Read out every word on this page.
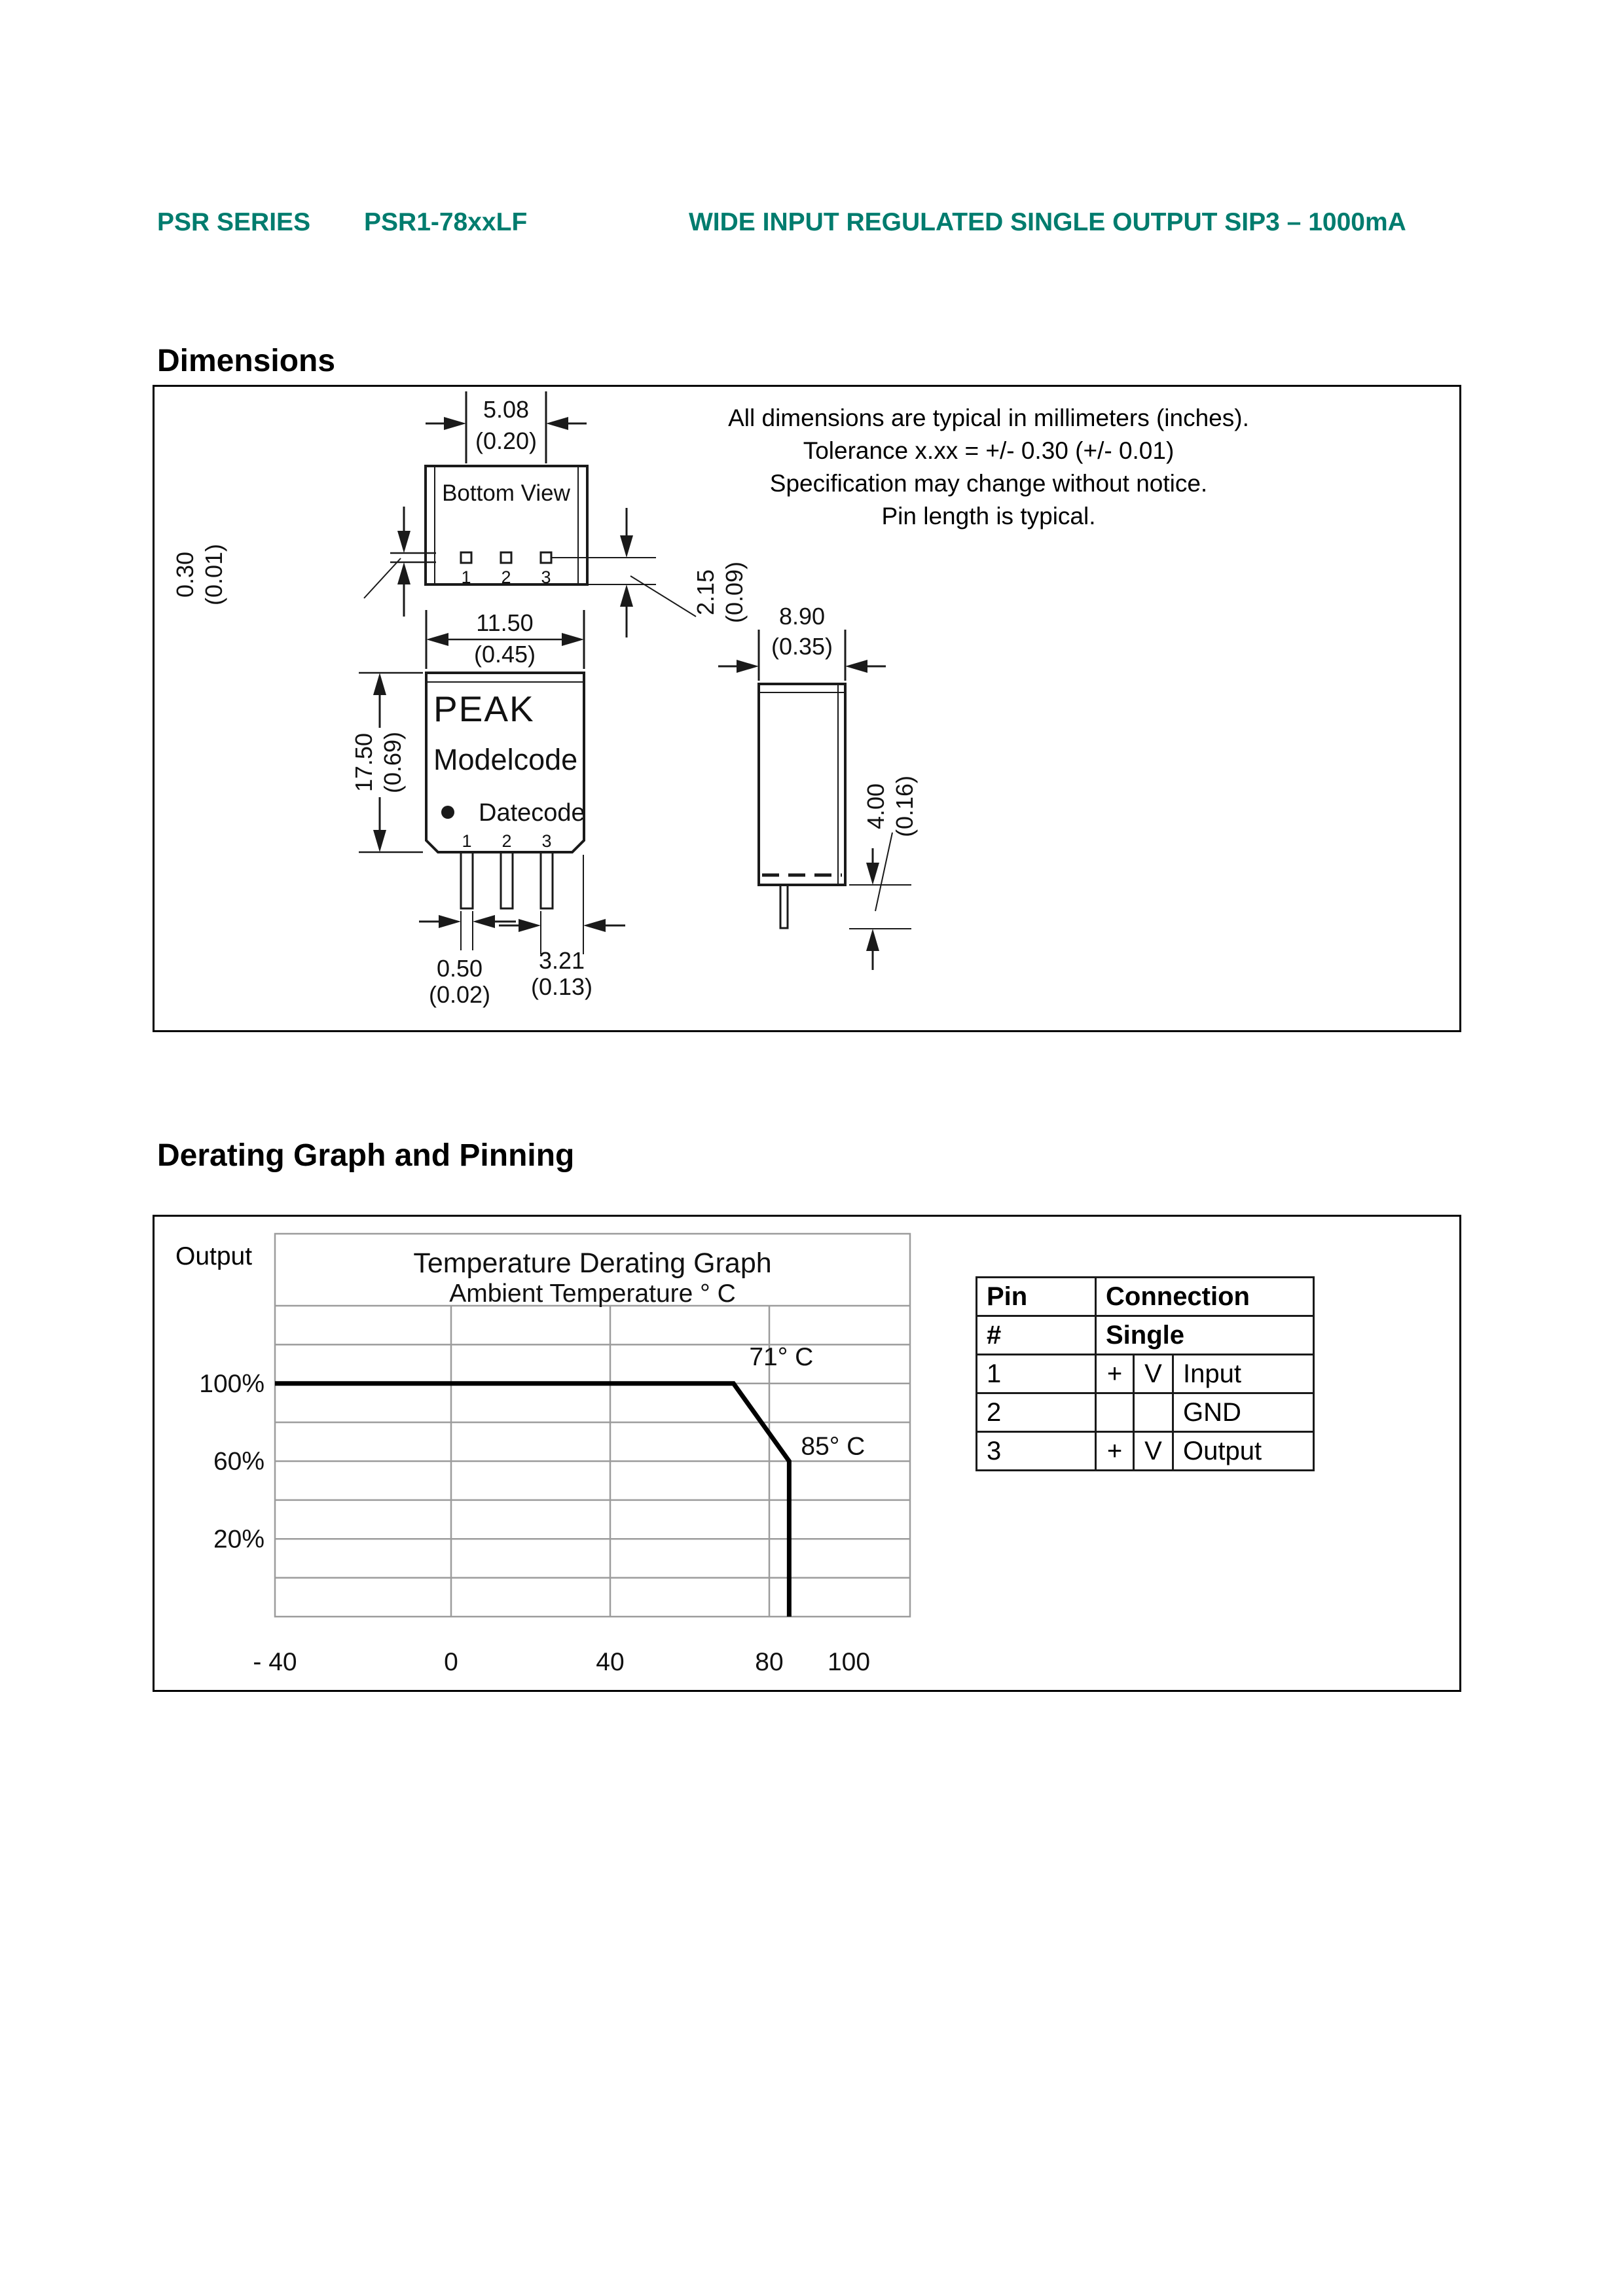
PSR SERIES PSR1-78xxLF	WIDE INPUT REGULATED SINGLE OUTPUT SIP3 – 1000mA
Dimensions
All dimensions are typical in millimeters (inches).
Tolerance x.xx = +/- 0.30 (+/- 0.01)
Specification may change without notice.
Pin length is typical.
Bottom View
1 2 3
5.08
(0.20)
0.30 (0.01)	2.15 (0.09)
11.50
(0.45)
PEAK
Modelcode
Datecode
1 2 3
17.50 (0.69)
0.50
(0.02)
3.21
(0.13)
8.90
(0.35)
4.00 (0.16)
Derating Graph and Pinning
Output	Temperature Derating Graph
Ambient Temperature ° C
- 40	0	40	80 100
100%
60%
20%
71° C
85° C
Pin	Connection		
#	Single		
1	+	V	Input
2			GND
3	+	V	Output
